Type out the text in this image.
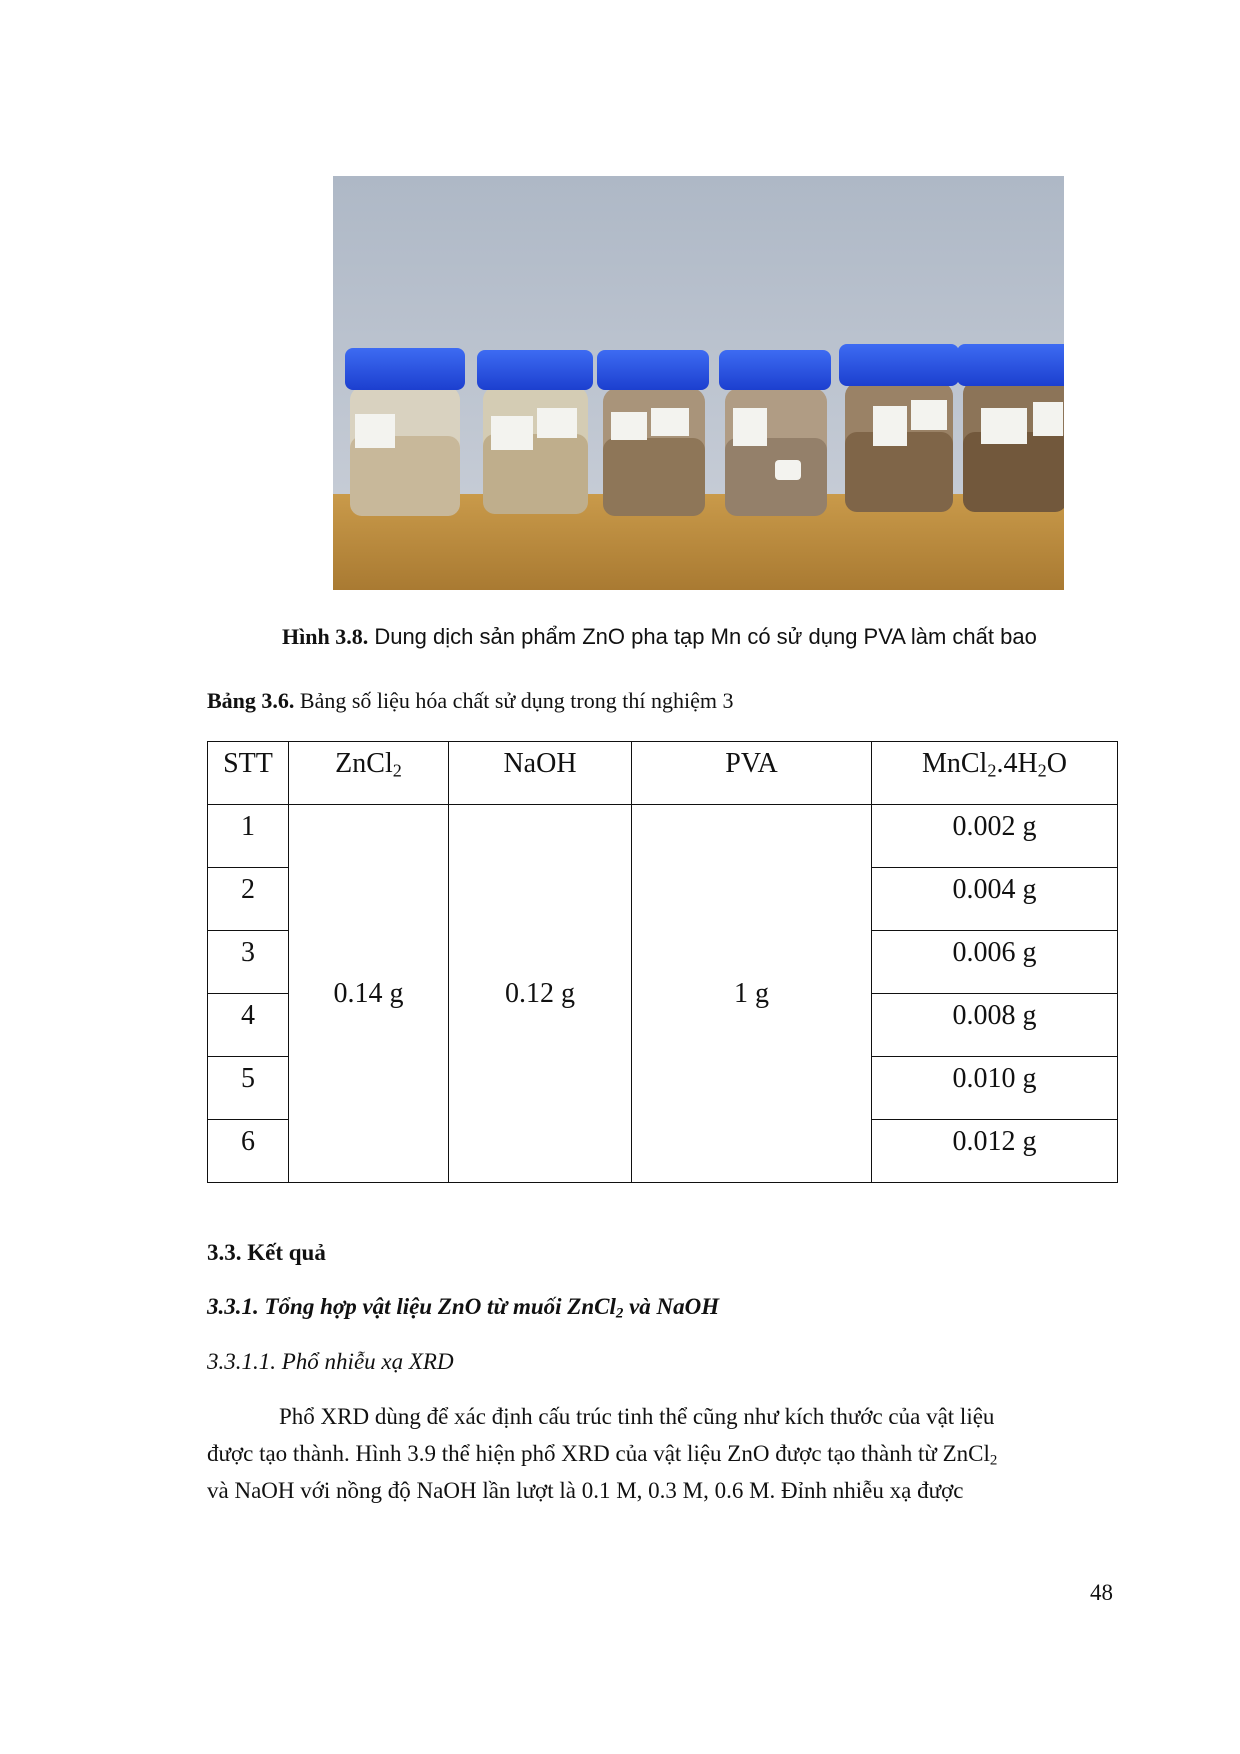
Hình 3.8. Dung dịch sản phẩm ZnO pha tạp Mn có sử dụng PVA làm chất bao
Bảng 3.6. Bảng số liệu hóa chất sử dụng trong thí nghiệm 3
STT	ZnCl$_2$	NaOH	PVA	$MnCl_2.4H_2O$

1	0.14 g	0.12 g	1 g	0.002 g

2				0.004 g

3				0.006 g

4				0.008 g

5				0.010 g

6				0.012 g
3.3. Kết quả
3.3.1. Tổng hợp vật liệu ZnO từ muối ZnCl$_2$ và NaOH
3.3.1.1. Phổ nhiễu xạ XRD
Phổ XRD dùng để xác định cấu trúc tinh thể cũng như kích thước của vật liệu
được tạo thành. Hình 3.9 thể hiện phổ XRD của vật liệu ZnO được tạo thành từ ZnCl$_2$
và NaOH với nồng độ NaOH lần lượt là 0.1 M, 0.3 M, 0.6 M. Đỉnh nhiễu xạ được
48
